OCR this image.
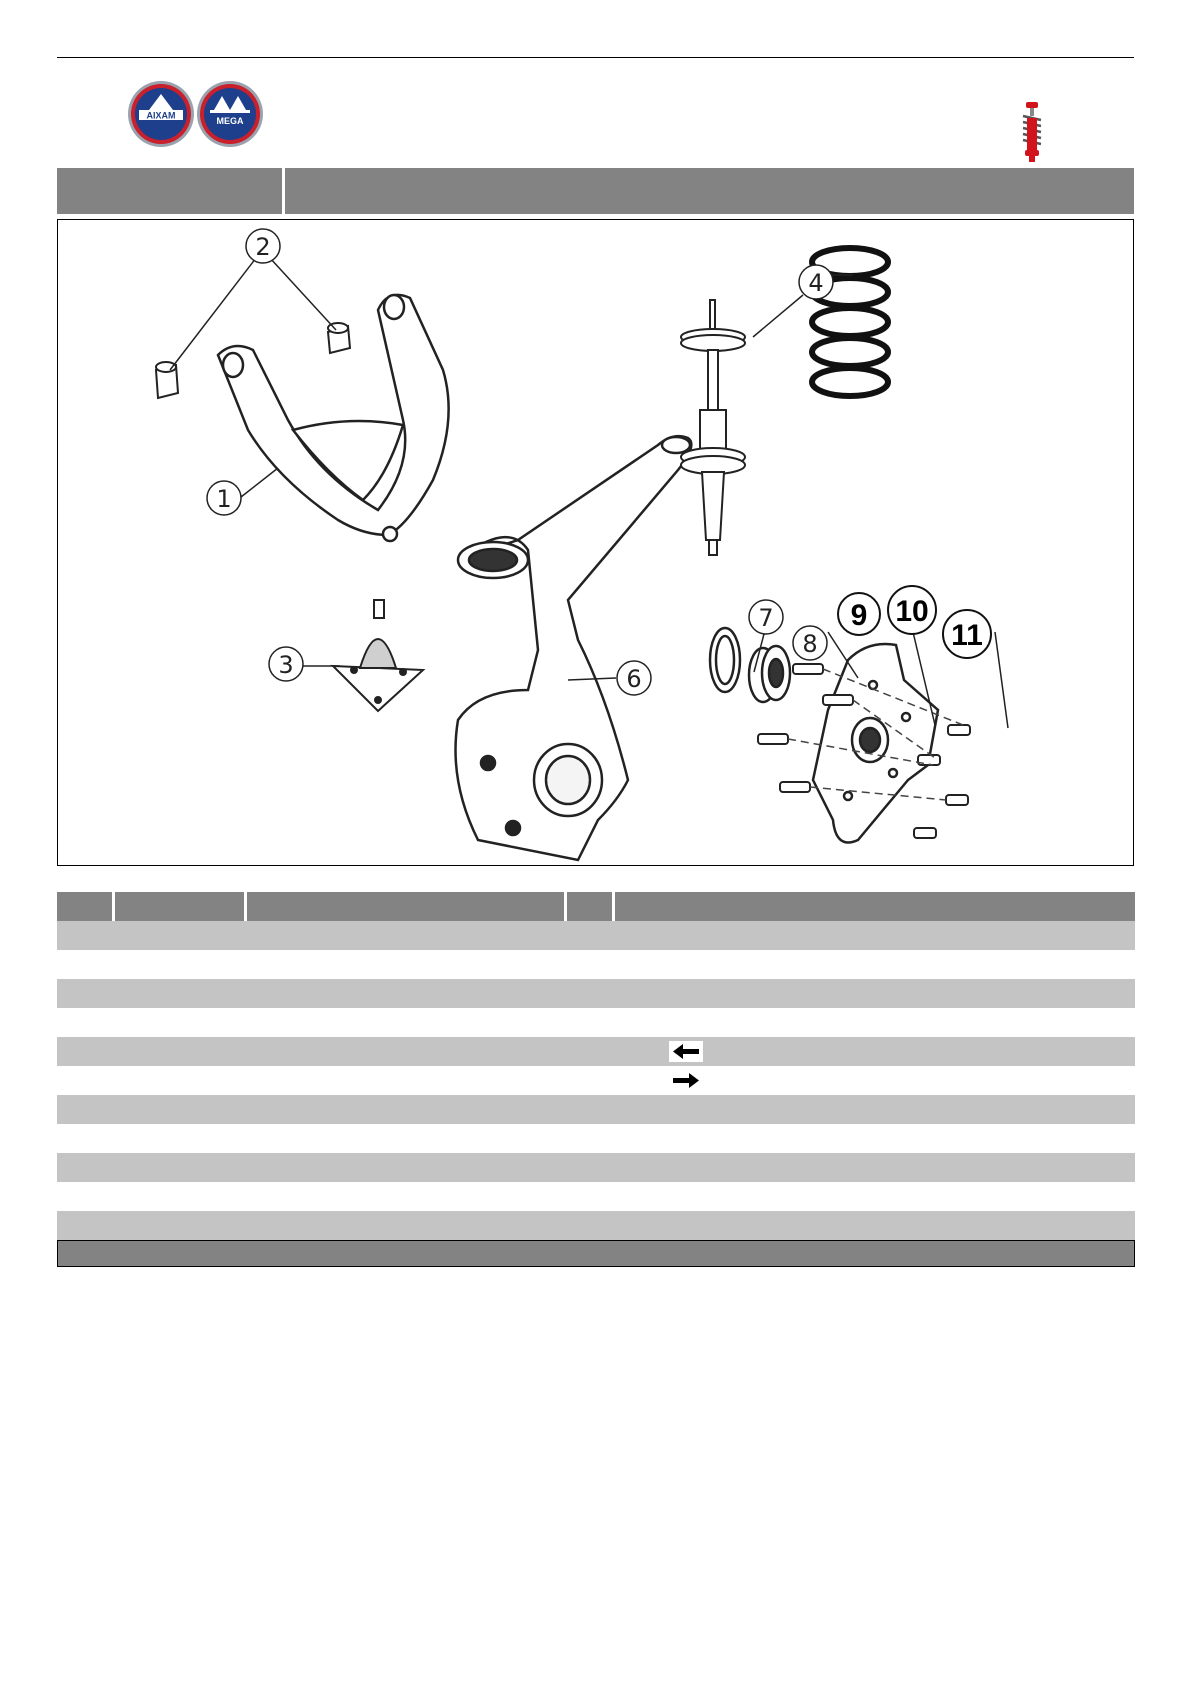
AIXAM
MEGA
1
2
3
4
6
7
8
9 10
11
